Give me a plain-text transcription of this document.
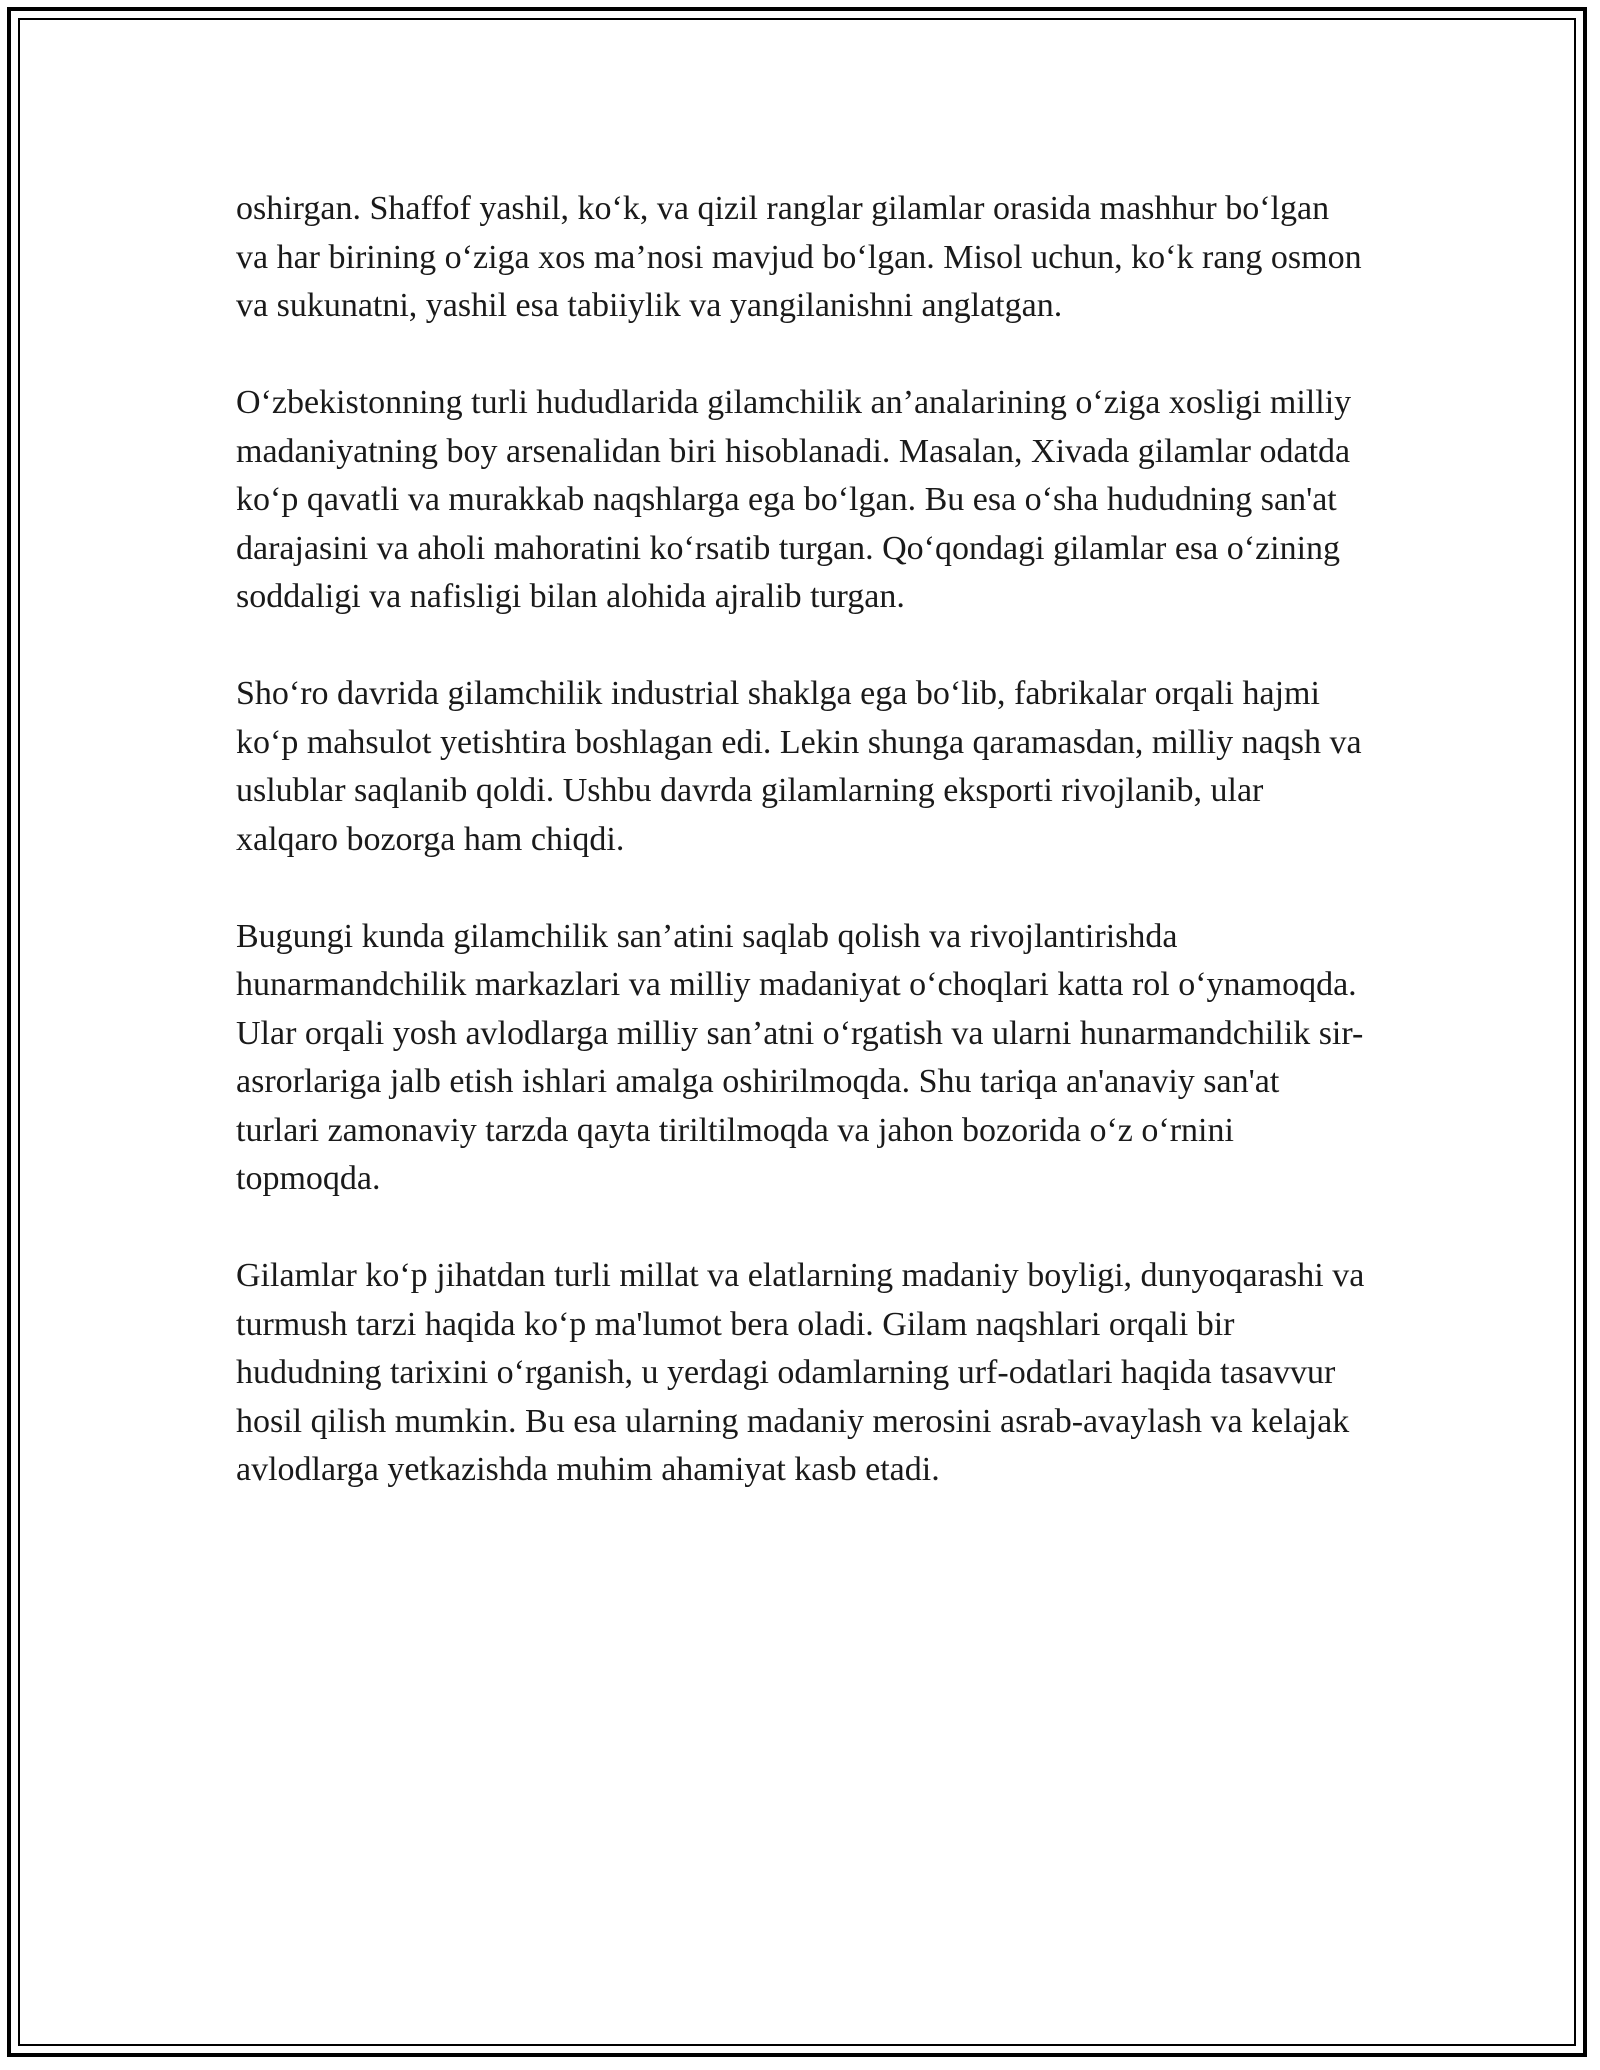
oshirgan. Shaffof yashil, ko‘k, va qizil ranglar gilamlar orasida mashhur bo‘lgan va har birining o‘ziga xos ma’nosi mavjud bo‘lgan. Misol uchun, ko‘k rang osmon va sukunatni, yashil esa tabiiylik va yangilanishni anglatgan.

O‘zbekistonning turli hududlarida gilamchilik an’analarining o‘ziga xosligi milliy madaniyatning boy arsenalidan biri hisoblanadi. Masalan, Xivada gilamlar odatda ko‘p qavatli va murakkab naqshlarga ega bo‘lgan. Bu esa o‘sha hududning san'at darajasini va aholi mahoratini ko‘rsatib turgan. Qo‘qondagi gilamlar esa o‘zining soddaligi va nafisligi bilan alohida ajralib turgan.

Sho‘ro davrida gilamchilik industrial shaklga ega bo‘lib, fabrikalar orqali hajmi ko‘p mahsulot yetishtira boshlagan edi. Lekin shunga qaramasdan, milliy naqsh va uslublar saqlanib qoldi. Ushbu davrda gilamlarning eksporti rivojlanib, ular xalqaro bozorga ham chiqdi.

Bugungi kunda gilamchilik san’atini saqlab qolish va rivojlantirishda hunarmandchilik markazlari va milliy madaniyat o‘choqlari katta rol o‘ynamoqda. Ular orqali yosh avlodlarga milliy san’atni o‘rgatish va ularni hunarmandchilik sir-asrorlariga jalb etish ishlari amalga oshirilmoqda. Shu tariqa an'anaviy san'at turlari zamonaviy tarzda qayta tiriltilmoqda va jahon bozorida o‘z o‘rnini topmoqda.

Gilamlar ko‘p jihatdan turli millat va elatlarning madaniy boyligi, dunyoqarashi va turmush tarzi haqida ko‘p ma'lumot bera oladi. Gilam naqshlari orqali bir hududning tarixini o‘rganish, u yerdagi odamlarning urf-odatlari haqida tasavvur hosil qilish mumkin. Bu esa ularning madaniy merosini asrab-avaylash va kelajak avlodlarga yetkazishda muhim ahamiyat kasb etadi.
